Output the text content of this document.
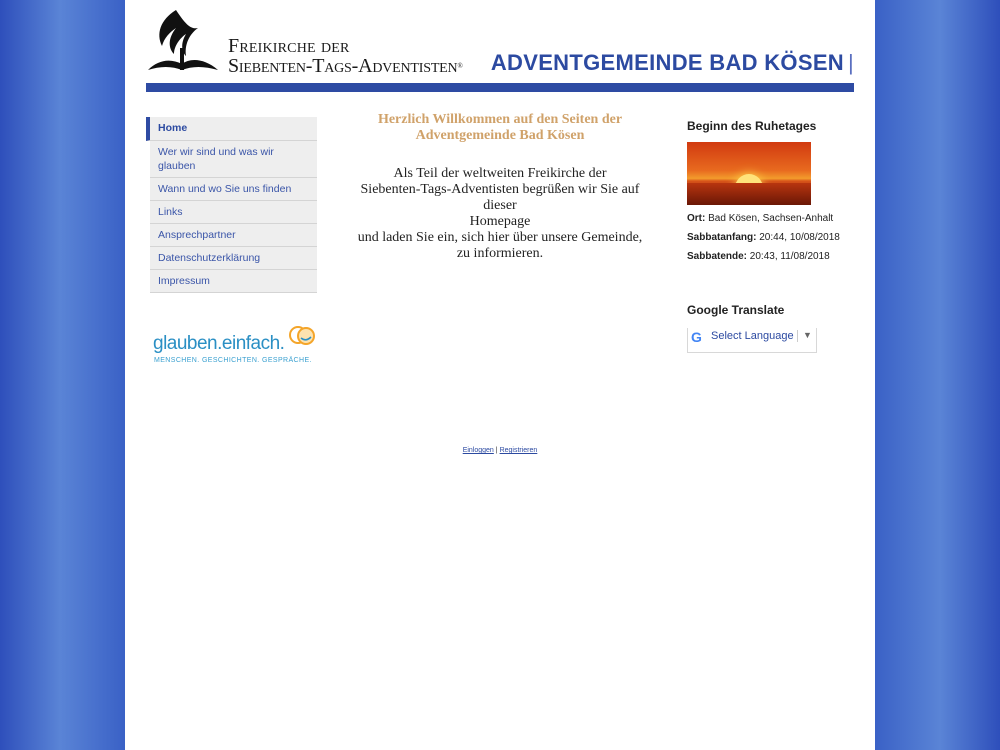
Freikirche der
Siebenten-Tags-Adventisten® ADVENTGEMEINDE BAD KÖSEN |
Home
Wer wir sind und was wir glauben
Wann und wo Sie uns finden
Links
Ansprechpartner
Datenschutzerklärung
Impressum
glauben.einfach.
MENSCHEN. GESCHICHTEN. GESPRÄCHE.
Herzlich Willkommen auf den Seiten der
Adventgemeinde Bad Kösen
Als Teil der weltweiten Freikirche der
Siebenten-Tags-Adventisten begrüßen wir Sie auf dieser
Homepage
und laden Sie ein, sich hier über unsere Gemeinde,
zu informieren.
Einloggen | Registrieren
Beginn des Ruhetages
Ort: Bad Kösen, Sachsen-Anhalt
Sabbatanfang: 20:44, 10/08/2018
Sabbatende: 20:43, 11/08/2018
Google Translate
G Select Language ▼
